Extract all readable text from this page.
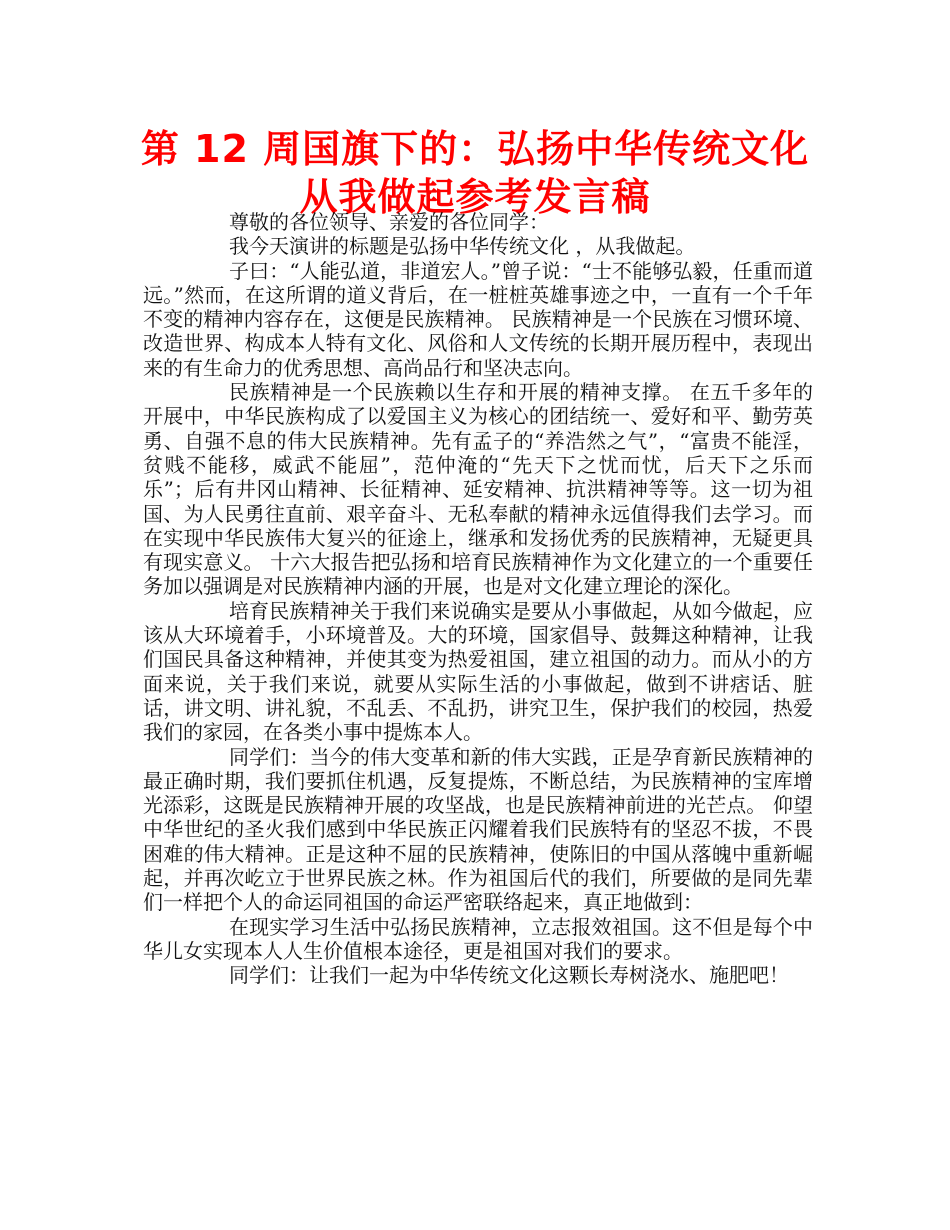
第 12 周国旗下的：弘扬中华传统文化 从我做起参考发言稿

尊敬的各位领导、亲爱的各位同学：

我今天演讲的标题是弘扬中华传统文化 ，从我做起。

子曰：“人能弘道，非道宏人。”曾子说：“士不能够弘毅，任重而道远。”然而，在这所谓的道义背后，在一桩桩英雄事迹之中，一直有一个千年不变的精神内容存在，这便是民族精神。 民族精神是一个民族在习惯环境、改造世界、构成本人特有文化、风俗和人文传统的长期开展历程中，表现出来的有生命力的优秀思想、高尚品行和坚决志向。

民族精神是一个民族赖以生存和开展的精神支撑。 在五千多年的开展中，中华民族构成了以爱国主义为核心的团结统一、爱好和平、勤劳英勇、自强不息的伟大民族精神。先有孟子的“养浩然之气”，“富贵不能淫，贫贱不能移，威武不能屈”，范仲淹的“先天下之忧而忧，后天下之乐而乐”；后有井冈山精神、长征精神、延安精神、抗洪精神等等。这一切为祖国、为人民勇往直前、艰辛奋斗、无私奉献的精神永远值得我们去学习。而在实现中华民族伟大复兴的征途上，继承和发扬优秀的民族精神，无疑更具有现实意义。 十六大报告把弘扬和培育民族精神作为文化建立的一个重要任务加以强调是对民族精神内涵的开展，也是对文化建立理论的深化。

培育民族精神关于我们来说确实是要从小事做起，从如今做起，应该从大环境着手，小环境普及。大的环境，国家倡导、鼓舞这种精神，让我们国民具备这种精神，并使其变为热爱祖国，建立祖国的动力。而从小的方面来说，关于我们来说，就要从实际生活的小事做起，做到不讲痞话、脏话，讲文明、讲礼貌，不乱丢、不乱扔，讲究卫生，保护我们的校园，热爱我们的家园，在各类小事中提炼本人。

同学们：当今的伟大变革和新的伟大实践，正是孕育新民族精神的最正确时期，我们要抓住机遇，反复提炼，不断总结，为民族精神的宝库增光添彩，这既是民族精神开展的攻坚战，也是民族精神前进的光芒点。 仰望中华世纪的圣火我们感到中华民族正闪耀着我们民族特有的坚忍不拔，不畏困难的伟大精神。正是这种不屈的民族精神，使陈旧的中国从落魄中重新崛起，并再次屹立于世界民族之林。作为祖国后代的我们，所要做的是同先辈们一样把个人的命运同祖国的命运严密联络起来，真正地做到：

在现实学习生活中弘扬民族精神，立志报效祖国。这不但是每个中华儿女实现本人人生价值根本途径，更是祖国对我们的要求。

同学们：让我们一起为中华传统文化这颗长寿树浇水、施肥吧！
